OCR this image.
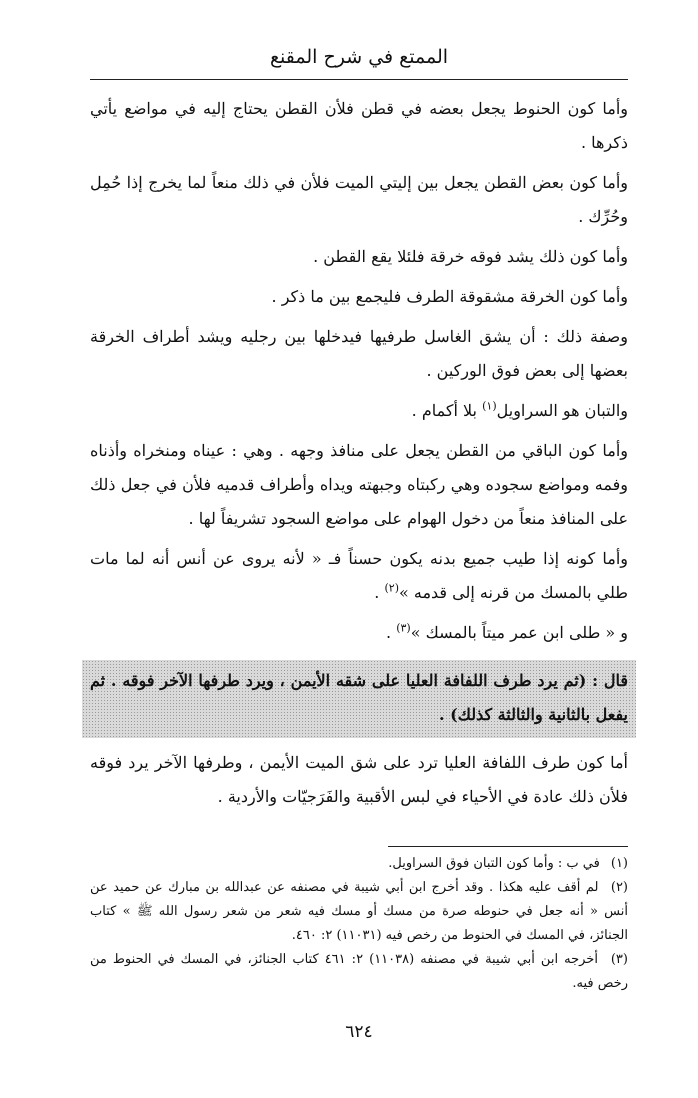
الممتع في شرح المقنع

وأما كون الحنوط يجعل بعضه في قطن فلأن القطن يحتاج إليه في مواضع يأتي ذكرها .

وأما كون بعض القطن يجعل بين إليتي الميت فلأن في ذلك منعاً لما يخرج إذا حُمِل وحُرِّك .

وأما كون ذلك يشد فوقه خرقة فلئلا يقع القطن .

وأما كون الخرقة مشقوقة الطرف فليجمع بين ما ذكر .

وصفة ذلك : أن يشق الغاسل طرفيها فيدخلها بين رجليه ويشد أطراف الخرقة بعضها إلى بعض فوق الوركين .

والتبان هو السراويل$^{(١)}$ بلا أكمام .

وأما كون الباقي من القطن يجعل على منافذ وجهه . وهي : عيناه ومنخراه وأذناه وفمه ومواضع سجوده وهي ركبتاه وجبهته ويداه وأطراف قدميه فلأن في جعل ذلك على المنافذ منعاً من دخول الهوام على مواضع السجود تشريفاً لها .

وأما كونه إذا طيب جميع بدنه يكون حسناً فـ « لأنه يروى عن أنس أنه لما مات طلي بالمسك من قرنه إلى قدمه »$^{(٢)}$ .

و « طلى ابن عمر ميتاً بالمسك »$^{(٣)}$ .

قال : (ثم يرد طرف اللفافة العليا على شقه الأيمن ، ويرد طرفها الآخر فوقه . ثم يفعل بالثانية والثالثة كذلك) .

أما كون طرف اللفافة العليا ترد على شق الميت الأيمن ، وطرفها الآخر يرد فوقه فلأن ذلك عادة في الأحياء في لبس الأقبية والفَرَجيّات والأردية .

(١) في ب : وأما كون التبان فوق السراويل.

(٢) لم أقف عليه هكذا . وقد أخرج ابن أبي شيبة في مصنفه عن عبدالله بن مبارك عن حميد عن أنس « أنه جعل في حنوطه صرة من مسك أو مسك فيه شعر من شعر رسول الله ﷺ » كتاب الجنائز، في المسك في الحنوط من رخص فيه (١١٠٣١) ٢: ٤٦٠.

(٣) أخرجه ابن أبي شيبة في مصنفه (١١٠٣٨) ٢: ٤٦١ كتاب الجنائز، في المسك في الحنوط من رخص فيه.

٦٢٤
